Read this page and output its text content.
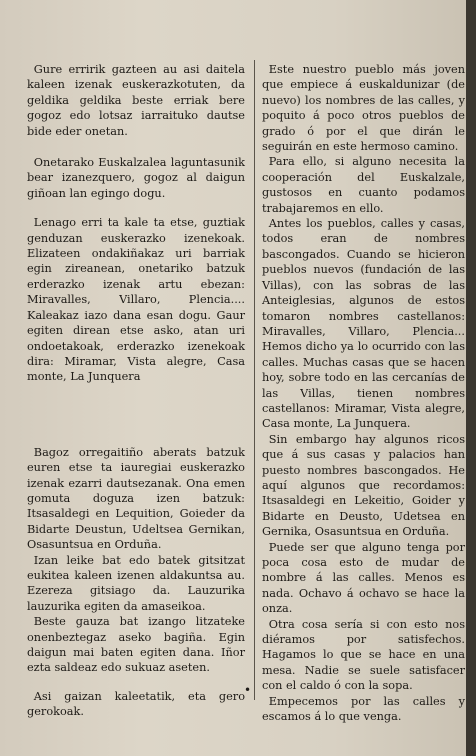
Gure erririk gazteen au asi daitela kaleen izenak euskerazkotuten, da geldika geldika beste erriak bere gogoz edo lotsaz iarraituko dautse bide eder onetan.

Onetarako Euskalzalea laguntasunik bear izanezquero, gogoz al daigun giñoan lan egingo dogu.

Lenago erri ta kale ta etse, guztiak genduzan euskerazko izenekoak. Elizateen ondakiñakaz uri barriak egin zireanean, onetariko batzuk erderazko izenak artu ebezan: Miravalles, Villaro, Plencia.... Kaleakaz iazo dana esan dogu. Gaur egiten direan etse asko, atan uri ondoetakoak, erderazko izenekoak dira: Miramar, Vista alegre, Casa monte, La Junquera

Bagoz orregaitiño aberats batzuk euren etse ta iauregiai euskerazko izenak ezarri dautsezanak. Ona emen gomuta doguza izen batzuk: Itsasaldegi en Lequition, Goieder da Bidarte Deustun, Udeltsea Gernikan, Osasuntsua en Orduña.

Izan leike bat edo batek gitsitzat eukitea kaleen izenen aldakuntsa au. Ezereza gitsiago da. Lauzurika lauzurika egiten da amaseikoa.

Beste gauza bat izango litzateke onenbeztegaz aseko bagiña. Egin daigun mai baten egiten dana. Iñor ezta saldeaz edo sukuaz aseten.

Asi gaizan kaleetatik, eta gero gerokoak.

Este nuestro pueblo más joven que empiece á euskaldunizar (de nuevo) los nombres de las calles, y poquito á poco otros pueblos de grado ó por el que dirán le seguirán en este hermoso camino.

Para ello, si alguno necesita la cooperación del Euskalzale, gustosos en cuanto podamos trabajaremos en ello.

Antes los pueblos, calles y casas, todos eran de nombres bascongados. Cuando se hicieron pueblos nuevos (fundación de las Villas), con las sobras de las Anteiglesias, algunos de estos tomaron nombres castellanos: Miravalles, Villaro, Plencia... Hemos dicho ya lo ocurrido con las calles. Muchas casas que se hacen hoy, sobre todo en las cercanías de las Villas, tienen nombres castellanos: Miramar, Vista alegre, Casa monte, La Junquera.

Sin embargo hay algunos ricos que á sus casas y palacios han puesto nombres bascongados. He aquí algunos que recordamos: Itsasaldegi en Lekeitio, Goider y Bidarte en Deusto, Udetsea en Gernika, Osasuntsua en Orduña.

Puede ser que alguno tenga por poca cosa esto de mudar de nombre á las calles. Menos es nada. Ochavo á ochavo se hace la onza.

Otra cosa sería si con esto nos diéramos por satisfechos. Hagamos lo que se hace en una mesa. Nadie se suele satisfacer con el caldo ó con la sopa.

Empecemos por las calles y escamos á lo que venga.

•
